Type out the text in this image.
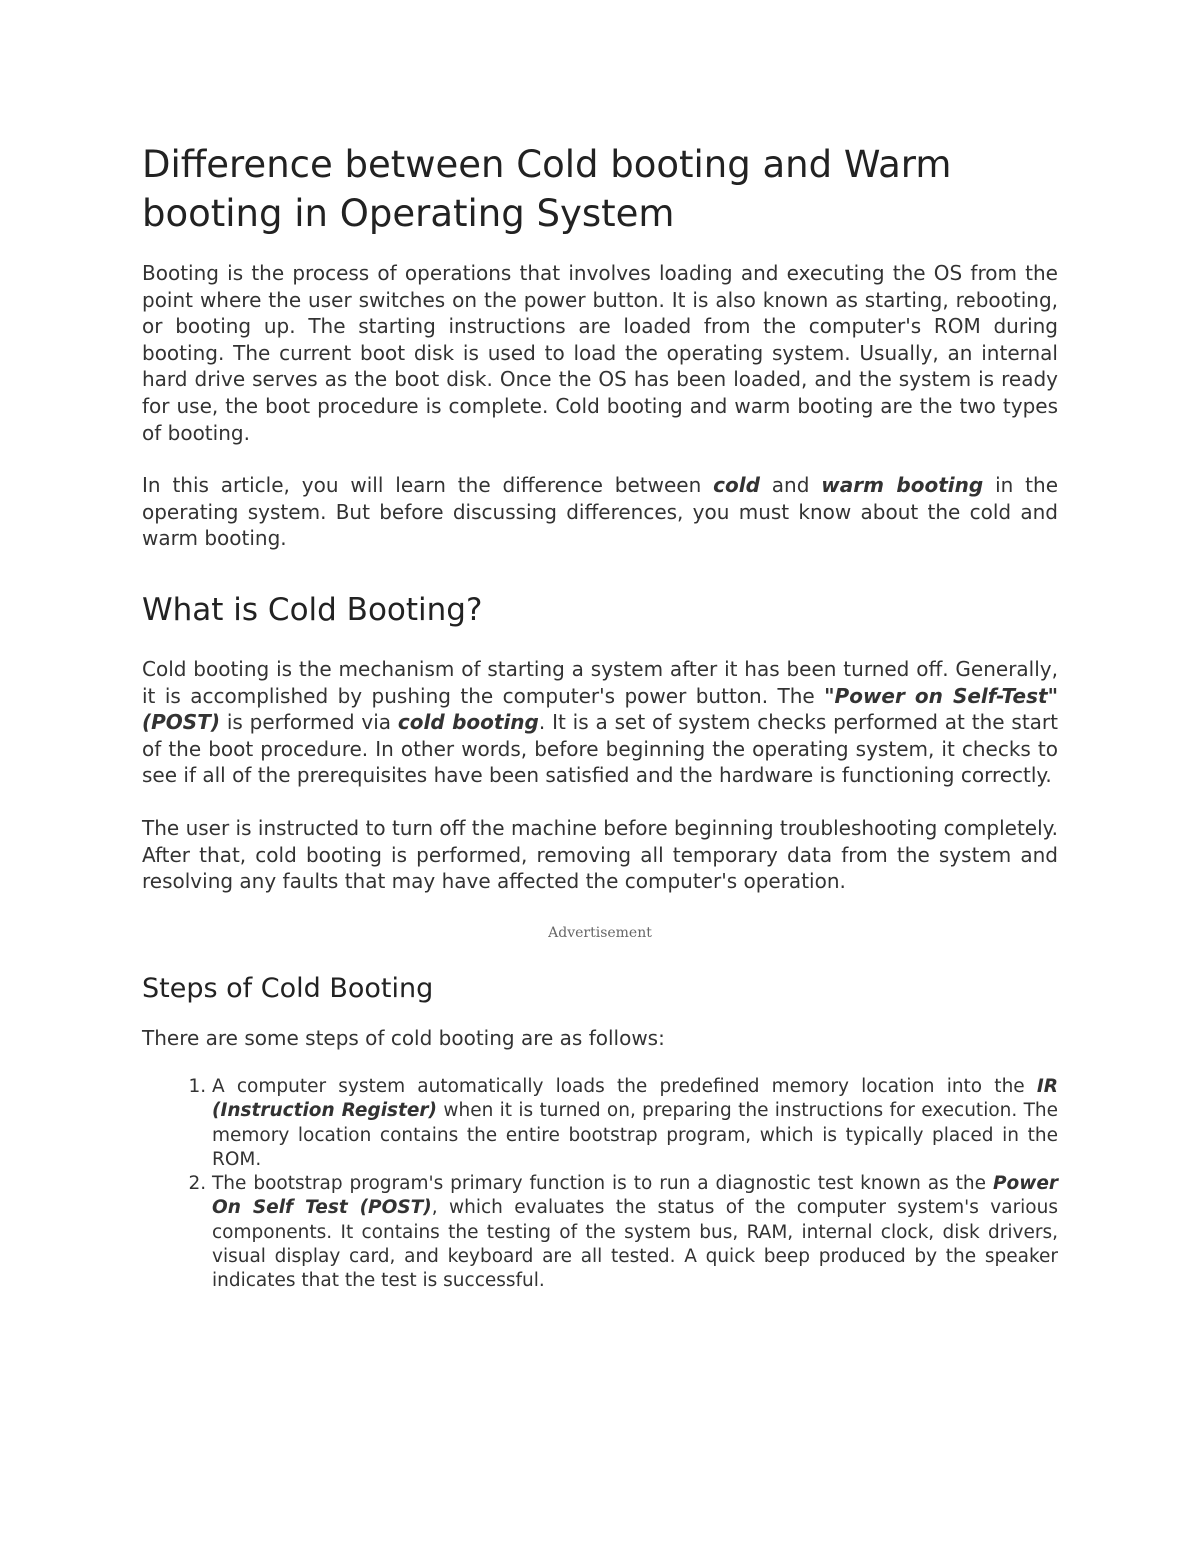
Difference between Cold booting and Warm booting in Operating System

Booting is the process of operations that involves loading and executing the OS from the point where the user switches on the power button. It is also known as starting, rebooting, or booting up. The starting instructions are loaded from the computer's ROM during booting. The current boot disk is used to load the operating system. Usually, an internal hard drive serves as the boot disk. Once the OS has been loaded, and the system is ready for use, the boot procedure is complete. Cold booting and warm booting are the two types of booting.

In this article, you will learn the difference between cold and warm booting in the operating system. But before discussing differences, you must know about the cold and warm booting.

What is Cold Booting?

Cold booting is the mechanism of starting a system after it has been turned off. Generally, it is accomplished by pushing the computer's power button. The "Power on Self-Test" (POST) is performed via cold booting. It is a set of system checks performed at the start of the boot procedure. In other words, before beginning the operating system, it checks to see if all of the prerequisites have been satisfied and the hardware is functioning correctly.

The user is instructed to turn off the machine before beginning troubleshooting completely. After that, cold booting is performed, removing all temporary data from the system and resolving any faults that may have affected the computer's operation.

Advertisement
Steps of Cold Booting

There are some steps of cold booting are as follows:

1. A computer system automatically loads the predefined memory location into the IR (Instruction Register) when it is turned on, preparing the instructions for execution. The memory location contains the entire bootstrap program, which is typically placed in the ROM.
2. The bootstrap program's primary function is to run a diagnostic test known as the Power On Self Test (POST), which evaluates the status of the computer system's various components. It contains the testing of the system bus, RAM, internal clock, disk drivers, visual display card, and keyboard are all tested. A quick beep produced by the speaker indicates that the test is successful.
